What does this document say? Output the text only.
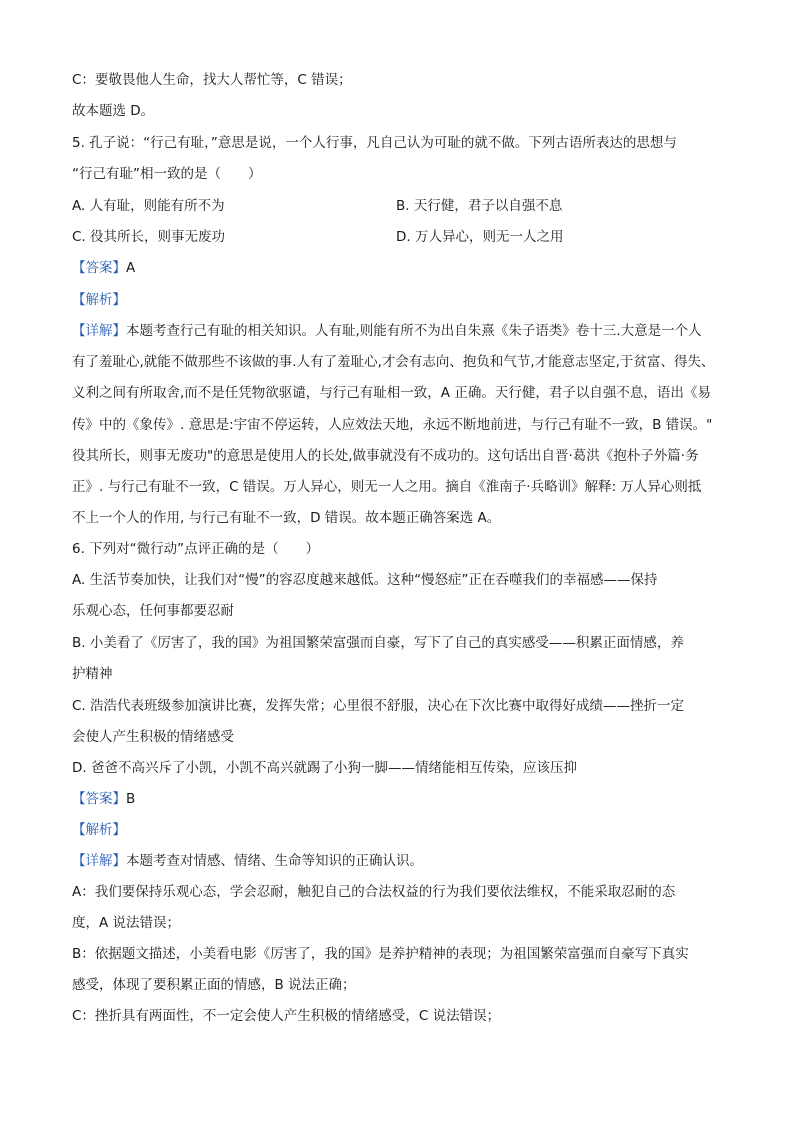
C：要敬畏他人生命，找大人帮忙等，C 错误；
故本题选 D。
5. 孔子说：“行己有耻，”意思是说，一个人行事，凡自己认为可耻的就不做。下列古语所表达的思想与
“行己有耻”相一致的是（　　）
A. 人有耻，则能有所不为	B. 天行健，君子以自强不息
C. 役其所长，则事无废功	D. 万人异心，则无一人之用
【答案】A
【解析】
【详解】本题考查行己有耻的相关知识。人有耻,则能有所不为出自朱熹《朱子语类》卷十三.大意是一个人
有了羞耻心,就能不做那些不该做的事.人有了羞耻心,才会有志向、抱负和气节,才能意志坚定,于贫富、得失、
义利之间有所取舍,而不是任凭物欲驱谴，与行己有耻相一致，A 正确。天行健，君子以自强不息，语出《易
传》中的《象传》. 意思是:宇宙不停运转，人应效法天地，永远不断地前进，与行己有耻不一致，B 错误。"
役其所长，则事无废功"的意思是使用人的长处,做事就没有不成功的。这句话出自晋·葛洪《抱朴子外篇·务
正》. 与行己有耻不一致，C 错误。万人异心，则无一人之用。摘自《淮南子·兵略训》解释: 万人异心则抵
不上一个人的作用, 与行己有耻不一致，D 错误。故本题正确答案选 A。
6. 下列对“微行动”点评正确的是（　　）
A. 生活节奏加快，让我们对“慢”的容忍度越来越低。这种“慢怒症”正在吞噬我们的幸福感——保持
乐观心态，任何事都要忍耐
B. 小美看了《厉害了，我的国》为祖国繁荣富强而自豪，写下了自己的真实感受——积累正面情感，养
护精神
C. 浩浩代表班级参加演讲比赛，发挥失常；心里很不舒服，决心在下次比赛中取得好成绩——挫折一定
会使人产生积极的情绪感受
D. 爸爸不高兴斥了小凯，小凯不高兴就踢了小狗一脚——情绪能相互传染，应该压抑
【答案】B
【解析】
【详解】本题考查对情感、情绪、生命等知识的正确认识。
A：我们要保持乐观心态，学会忍耐，触犯自己的合法权益的行为我们要依法维权，不能采取忍耐的态
度，A 说法错误；
B：依据题文描述，小美看电影《厉害了，我的国》是养护精神的表现；为祖国繁荣富强而自豪写下真实
感受，体现了要积累正面的情感，B 说法正确；
C：挫折具有两面性，不一定会使人产生积极的情绪感受，C 说法错误；
